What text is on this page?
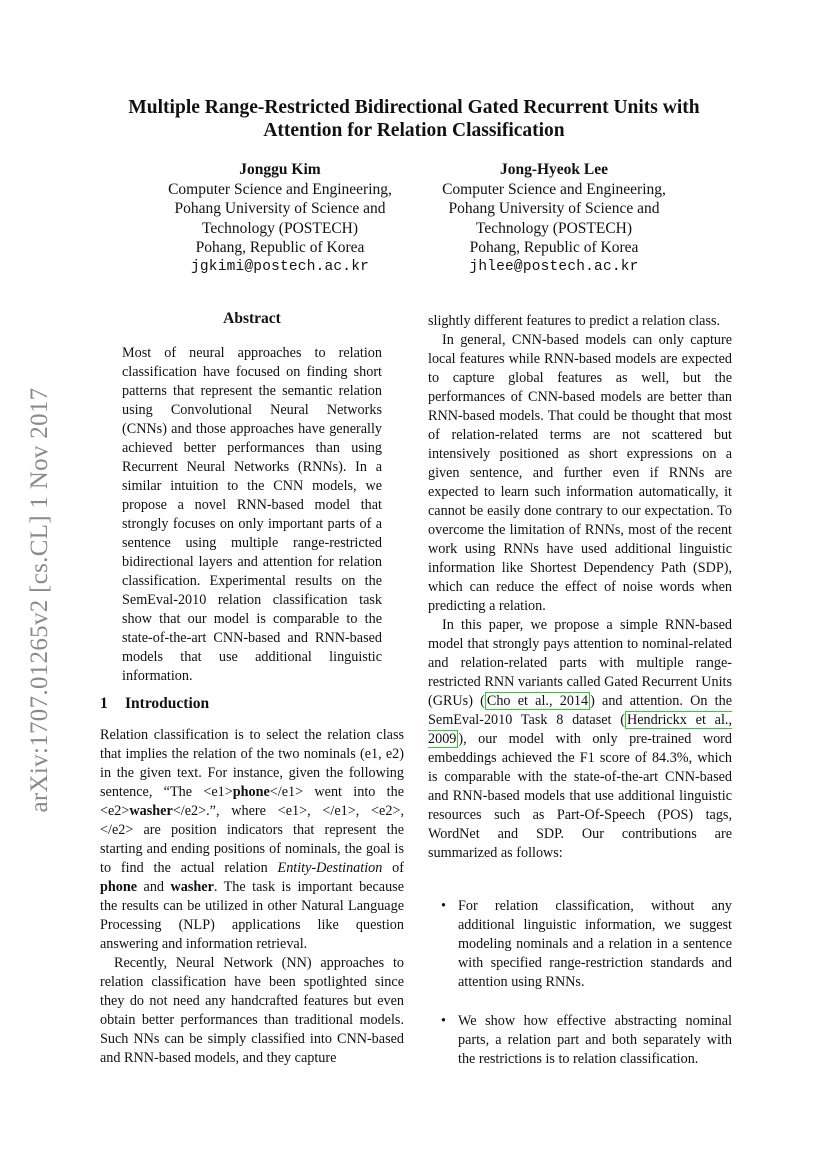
arXiv:1707.01265v2 [cs.CL] 1 Nov 2017
Multiple Range-Restricted Bidirectional Gated Recurrent Units with
Attention for Relation Classification
Jonggu Kim
Computer Science and Engineering,
Pohang University of Science and
Technology (POSTECH)
Pohang, Republic of Korea
jgkimi@postech.ac.kr
Jong-Hyeok Lee
Computer Science and Engineering,
Pohang University of Science and
Technology (POSTECH)
Pohang, Republic of Korea
jhlee@postech.ac.kr
Abstract

Most of neural approaches to relation classification have focused on finding short patterns that represent the semantic relation using Convolutional Neural Networks (CNNs) and those approaches have generally achieved better performances than using Recurrent Neural Networks (RNNs). In a similar intuition to the CNN models, we propose a novel RNN-based model that strongly focuses on only important parts of a sentence using multiple range-restricted bidirectional layers and attention for relation classification. Experimental results on the SemEval-2010 relation classification task show that our model is comparable to the state-of-the-art CNN-based and RNN-based models that use additional linguistic information.

1 Introduction

Relation classification is to select the relation class that implies the relation of the two nominals (e1, e2) in the given text. For instance, given the following sentence, “The <e1>phone</e1> went into the <e2>washer</e2>.”, where <e1>, </e1>, <e2>, </e2> are position indicators that represent the starting and ending positions of nominals, the goal is to find the actual relation Entity-Destination of phone and washer. The task is important because the results can be utilized in other Natural Language Processing (NLP) applications like question answering and information retrieval.

Recently, Neural Network (NN) approaches to relation classification have been spotlighted since they do not need any handcrafted features but even obtain better performances than traditional models. Such NNs can be simply classified into CNN-based and RNN-based models, and they capture

slightly different features to predict a relation class.

In general, CNN-based models can only capture local features while RNN-based models are expected to capture global features as well, but the performances of CNN-based models are better than RNN-based models. That could be thought that most of relation-related terms are not scattered but intensively positioned as short expressions on a given sentence, and further even if RNNs are expected to learn such information automatically, it cannot be easily done contrary to our expectation. To overcome the limitation of RNNs, most of the recent work using RNNs have used additional linguistic information like Shortest Dependency Path (SDP), which can reduce the effect of noise words when predicting a relation.

In this paper, we propose a simple RNN-based model that strongly pays attention to nominal-related and relation-related parts with multiple range-restricted RNN variants called Gated Recurrent Units (GRUs) ( Cho et al., 2014 ) and attention. On the SemEval-2010 Task 8 dataset ( Hendrickx et al., 2009 ), our model with only pre-trained word embeddings achieved the F1 score of 84.3%, which is comparable with the state-of-the-art CNN-based and RNN-based models that use additional linguistic resources such as Part-Of-Speech (POS) tags, WordNet and SDP. Our contributions are summarized as follows:

• For relation classification, without any additional linguistic information, we suggest modeling nominals and a relation in a sentence with specified range-restriction standards and attention using RNNs.
• We show how effective abstracting nominal parts, a relation part and both separately with the restrictions is to relation classification.
